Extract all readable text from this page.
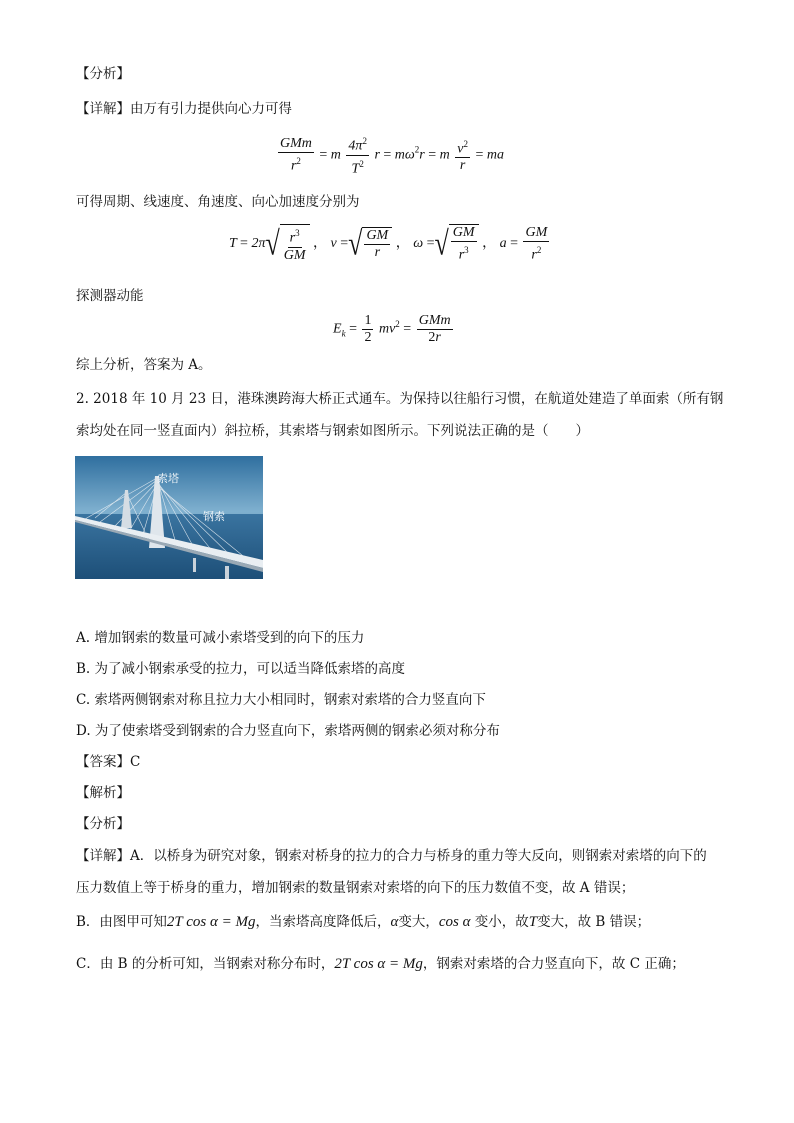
【分析】
【详解】由万有引力提供向心力可得
$\frac{\text{GMm}}{r^2} = m \frac{4\pi^2}{T^2}$ $r = m\omega^2r = m \frac{v^2}{r}$ = ma
可得周期、线速度、角速度、向心加速度分别为
T = 2π √ $\frac{r^3}{GM}$ ， v = √ $\frac{GM}{r}$ ， ω = √ $\frac{GM}{r^3}$ ， $a = \frac{GM}{r^2}$
探测器动能
$E_k = \frac{1}{2} mv^2 = \frac{\text{GMm}}{2r}$
综上分析，答案为 A。
2. 2018 年 10 月 23 日，港珠澳跨海大桥正式通车。为保持以往船行习惯，在航道处建造了单面索（所有钢
索均处在同一竖直面内）斜拉桥，其索塔与钢索如图所示。下列说法正确的是（　　）
索塔
钢索
A. 增加钢索的数量可减小索塔受到的向下的压力
B. 为了减小钢索承受的拉力，可以适当降低索塔的高度
C. 索塔两侧钢索对称且拉力大小相同时，钢索对索塔的合力竖直向下
D. 为了使索塔受到钢索的合力竖直向下，索塔两侧的钢索必须对称分布
【答案】C
【解析】
【分析】
【详解】A．以桥身为研究对象，钢索对桥身的拉力的合力与桥身的重力等大反向，则钢索对索塔的向下的
压力数值上等于桥身的重力，增加钢索的数量钢索对索塔的向下的压力数值不变，故 A 错误；
B．由图甲可知2T cos α = Mg，当索塔高度降低后，α变大，cos α 变小，故T变大，故 B 错误；
C．由 B 的分析可知，当钢索对称分布时，2T cos α = Mg，钢索对索塔的合力竖直向下，故 C 正确；
